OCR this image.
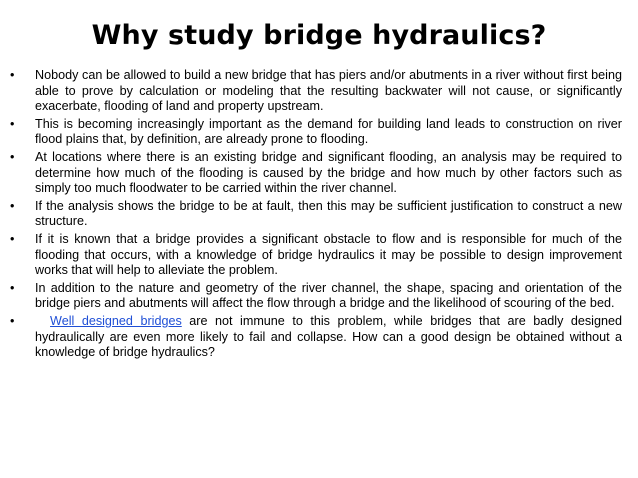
Why study bridge hydraulics?
•	Nobody can be allowed to build a new bridge that has piers and/or abutments in a river without first being able to prove by calculation or modeling that the resulting backwater will not cause, or significantly exacerbate, flooding of land and property upstream.
•	This is becoming increasingly important as the demand for building land leads to construction on river flood plains that, by definition, are already prone to flooding.
•	At locations where there is an existing bridge and significant flooding, an analysis may be required to determine how much of the flooding is caused by the bridge and how much by other factors such as simply too much floodwater to be carried within the river channel.
•	If the analysis shows the bridge to be at fault, then this may be sufficient justification to construct a new structure.
•	If it is known that a bridge provides a significant obstacle to flow and is responsible for much of the flooding that occurs, with a knowledge of bridge hydraulics it may be possible to design improvement works that will help to alleviate the problem.
•	In addition to the nature and geometry of the river channel, the shape, spacing and orientation of the bridge piers and abutments will affect the flow through a bridge and the likelihood of scouring of the bed.
•	Well designed bridges are not immune to this problem, while bridges that are badly designed hydraulically are even more likely to fail and collapse. How can a good design be obtained without a knowledge of bridge hydraulics?
